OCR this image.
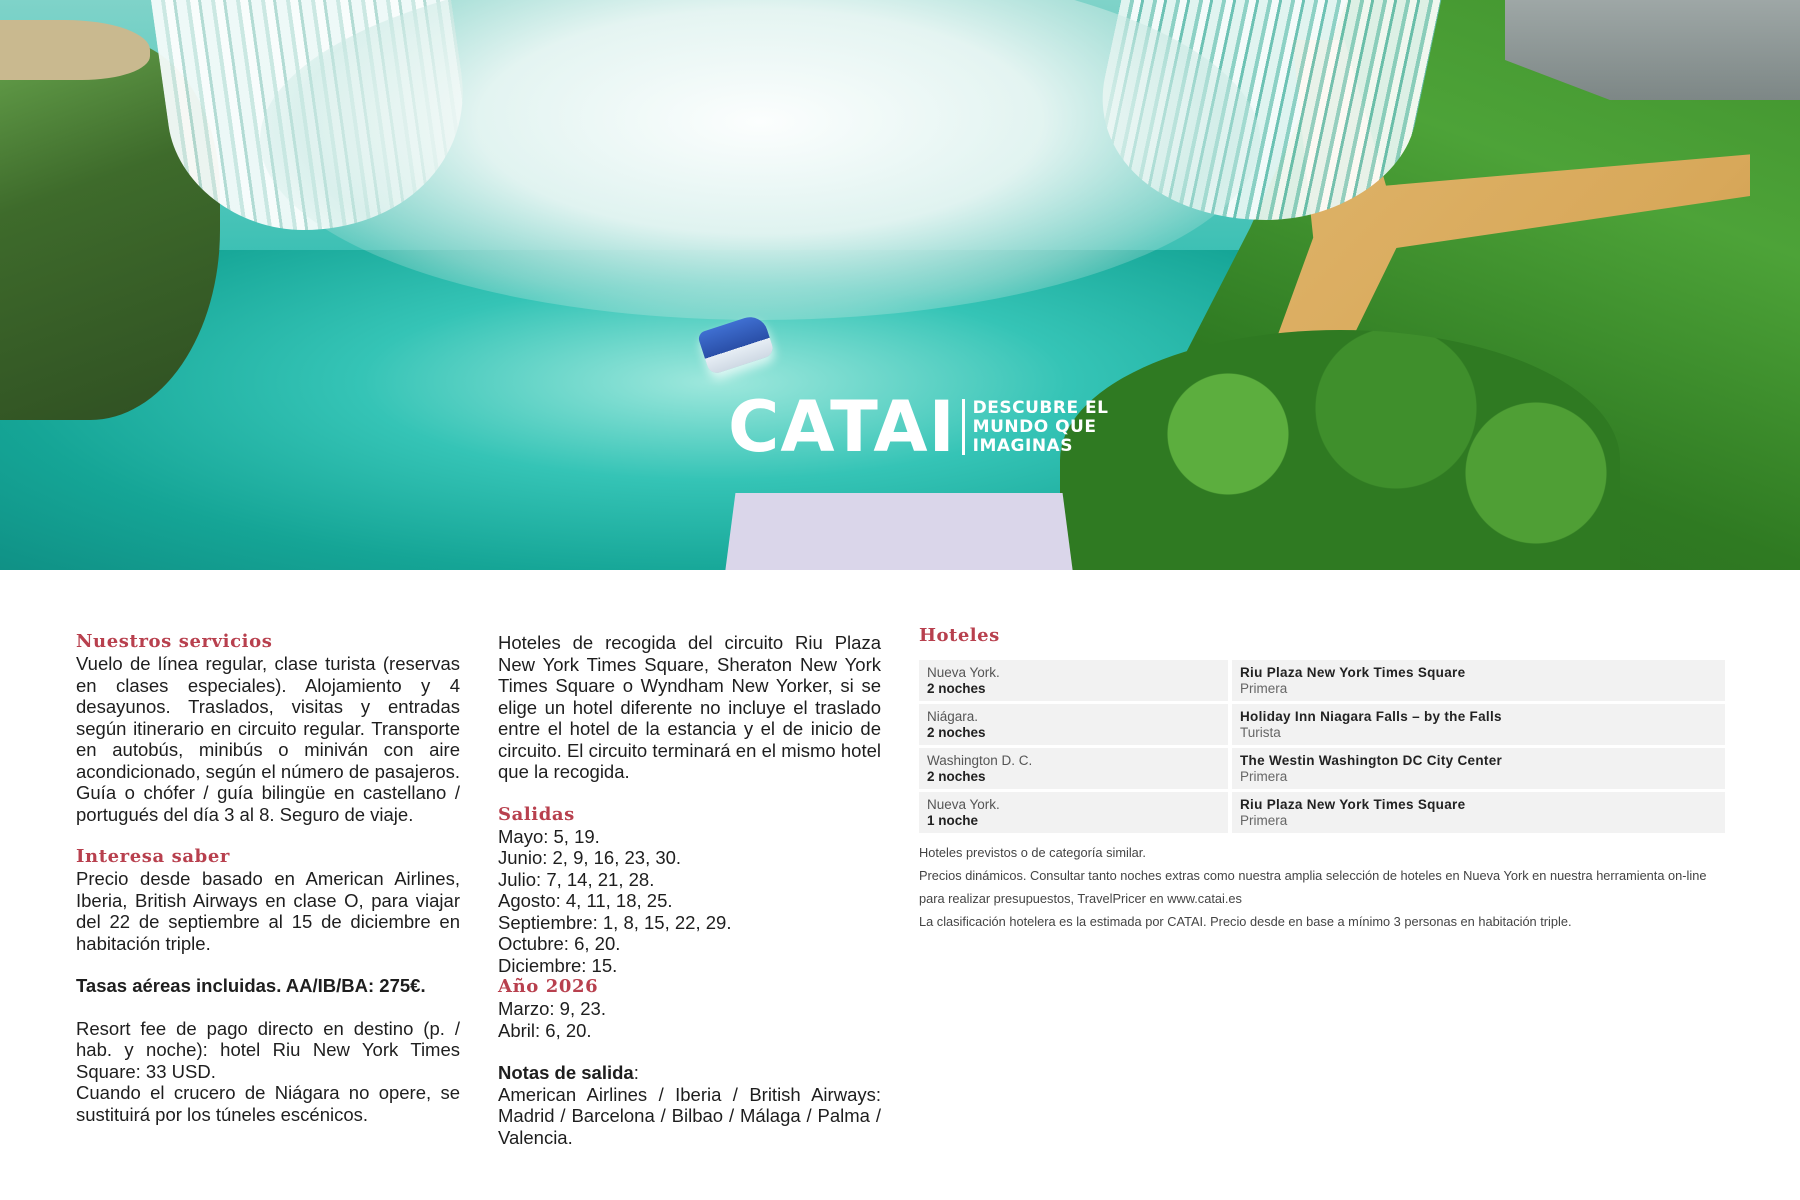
CATAI DESCUBRE EL
MUNDO QUE
IMAGINAS
Nuestros servicios

Vuelo de línea regular, clase turista (reservas en clases especiales). Alojamiento y 4 desayunos. Traslados, visitas y entradas según itinerario en circuito regular. Transporte en autobús, minibús o miniván con aire acondicionado, según el número de pasajeros. Guía o chófer / guía bilingüe en castellano / portugués del día 3 al 8. Seguro de viaje.

Interesa saber

Precio desde basado en American Airlines, Iberia, British Airways en clase O, para viajar del 22 de septiembre al 15 de diciembre en habitación triple.

Tasas aéreas incluidas. AA/IB/BA: 275€.

Resort fee de pago directo en destino (p. / hab. y noche): hotel Riu New York Times Square: 33 USD.

Cuando el crucero de Niágara no opere, se sustituirá por los túneles escénicos.

Hoteles de recogida del circuito Riu Plaza New York Times Square, Sheraton New York Times Square o Wyndham New Yorker, si se elige un hotel diferente no incluye el traslado entre el hotel de la estancia y el de inicio de circuito. El circuito terminará en el mismo hotel que la recogida.

Salidas
Mayo: 5, 19.
Junio: 2, 9, 16, 23, 30.
Julio: 7, 14, 21, 28.
Agosto: 4, 11, 18, 25.
Septiembre: 1, 8, 15, 22, 29.
Octubre: 6, 20.
Diciembre: 15.
Año 2026
Marzo: 9, 23.
Abril: 6, 20.
Notas de salida:

American Airlines / Iberia / British Airways: Madrid / Barcelona / Bilbao / Málaga / Palma / Valencia.

Hoteles
Nueva York.
2 noches
Riu Plaza New York Times Square
Primera
Niágara.
2 noches
Holiday Inn Niagara Falls – by the Falls
Turista
Washington D. C.
2 noches
The Westin Washington DC City Center
Primera
Nueva York.
1 noche
Riu Plaza New York Times Square
Primera

Hoteles previstos o de categoría similar.

Precios dinámicos. Consultar tanto noches extras como nuestra amplia selección de hoteles en Nueva York en nuestra herramienta on-line para realizar presupuestos, TravelPricer en www.catai.es

La clasificación hotelera es la estimada por CATAI. Precio desde en base a mínimo 3 personas en habitación triple.
